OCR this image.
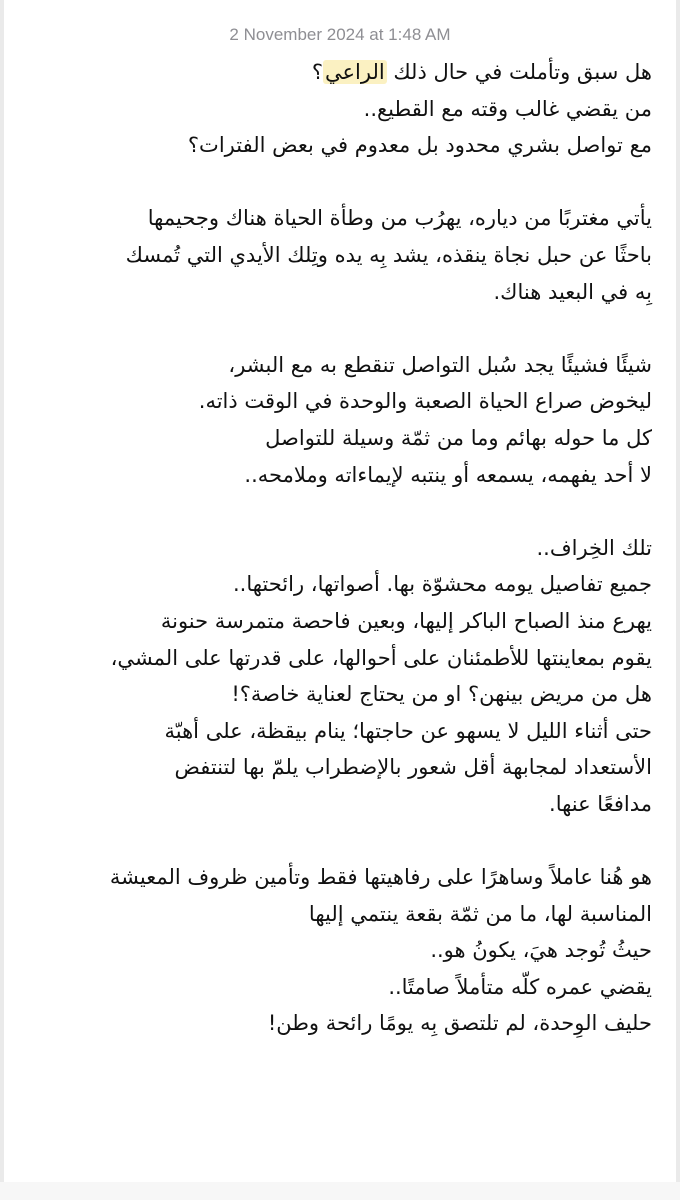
2 November 2024 at 1:48 AM
هل سبق وتأملت في حال ذلك الراعي؟
من يقضي غالب وقته مع القطيع..
مع تواصل بشري محدود بل معدوم في بعض الفترات؟
يأتي مغتربًا من دياره، يهرُب من وطأة الحياة هناك وجحيمها
باحثًا عن حبل نجاة ينقذه، يشد بِه يده وتِلك الأيدي التي تُمسك
بِه في البعيد هناك.
شيئًا فشيئًا يجد سُبل التواصل تنقطع به مع البشر،
ليخوض صراع الحياة الصعبة والوحدة في الوقت ذاته.
كل ما حوله بهائم وما من ثمّة وسيلة للتواصل
لا أحد يفهمه، يسمعه أو ينتبه لإيماءاته وملامحه..
تلك الخِراف..
جميع تفاصيل يومه محشوّة بها. أصواتها، رائحتها..
يهرع منذ الصباح الباكر إليها، وبعين فاحصة متمرسة حنونة
يقوم بمعاينتها للأطمئنان على أحوالها، على قدرتها على المشي،
هل من مريض بينهن؟ او من يحتاج لعناية خاصة؟!
حتى أثناء الليل لا يسهو عن حاجتها؛ ينام بيقظة، على أهبّة
الأستعداد لمجابهة أقل شعور بالإضطراب يلمّ بها لتنتفض
مدافعًا عنها.
هو هُنا عاملاً وساهرًا على رفاهيتها فقط وتأمين ظروف المعيشة
المناسبة لها، ما من ثمّة بقعة ينتمي إليها
حيثُ تُوجد هيَ، يكونُ هو..
يقضي عمره كلّه متأملاً صامتًا..
حليف الوِحدة، لم تلتصق بِه يومًا رائحة وطن!
